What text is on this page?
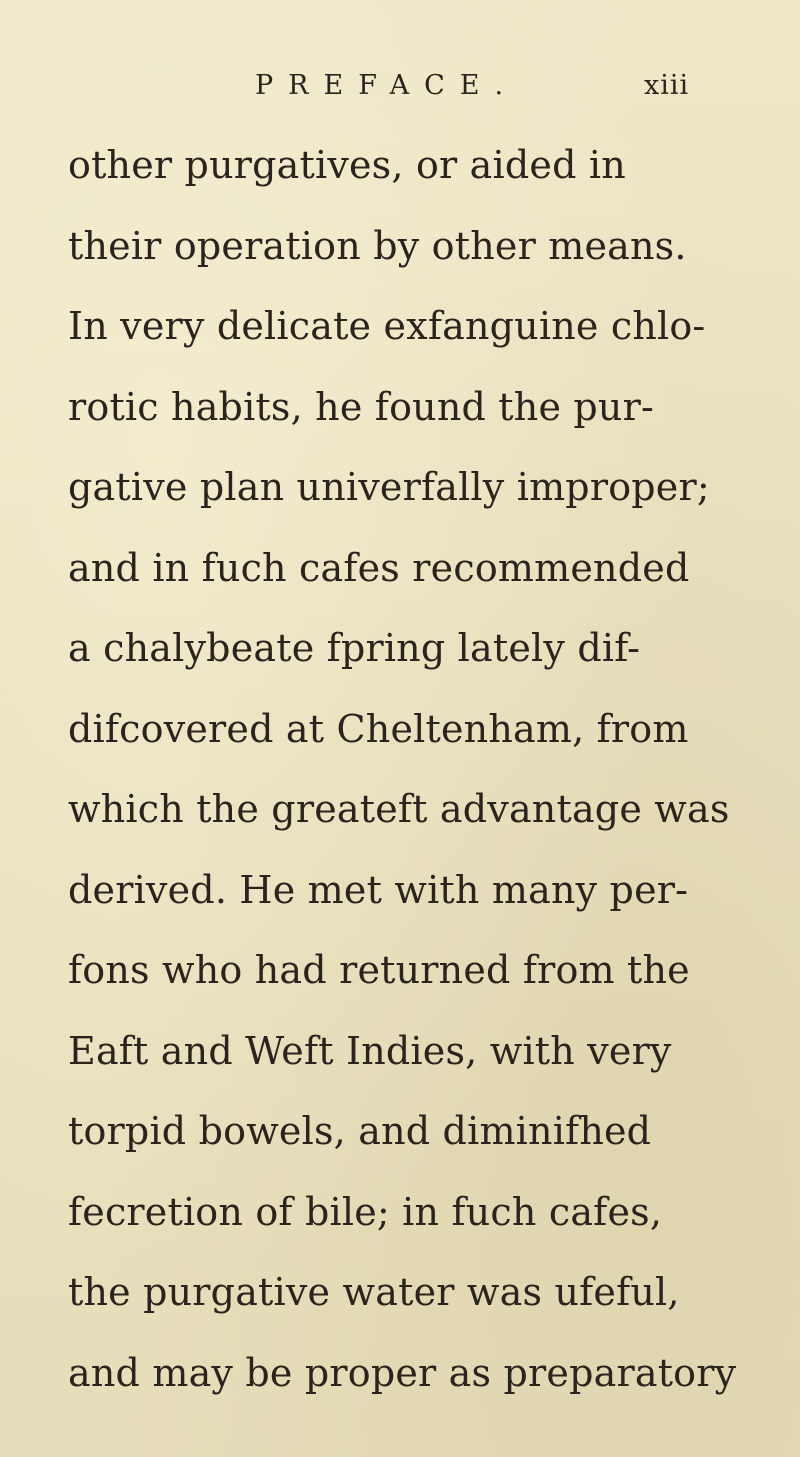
PREFACE.	xiii
other purgatives, or aided in
their operation by other means.
In very delicate exfanguine chlo-
rotic habits, he found the pur-
gative plan univerfally improper;
and in fuch cafes recommended
a chalybeate fpring lately dif-
difcovered at Cheltenham, from
which the greateft advantage was
derived. He met with many per-
fons who had returned from the
Eaft and Weft Indies, with very
torpid bowels, and diminifhed
fecretion of bile; in fuch cafes,
the purgative water was ufeful,
and may be proper as preparatory
